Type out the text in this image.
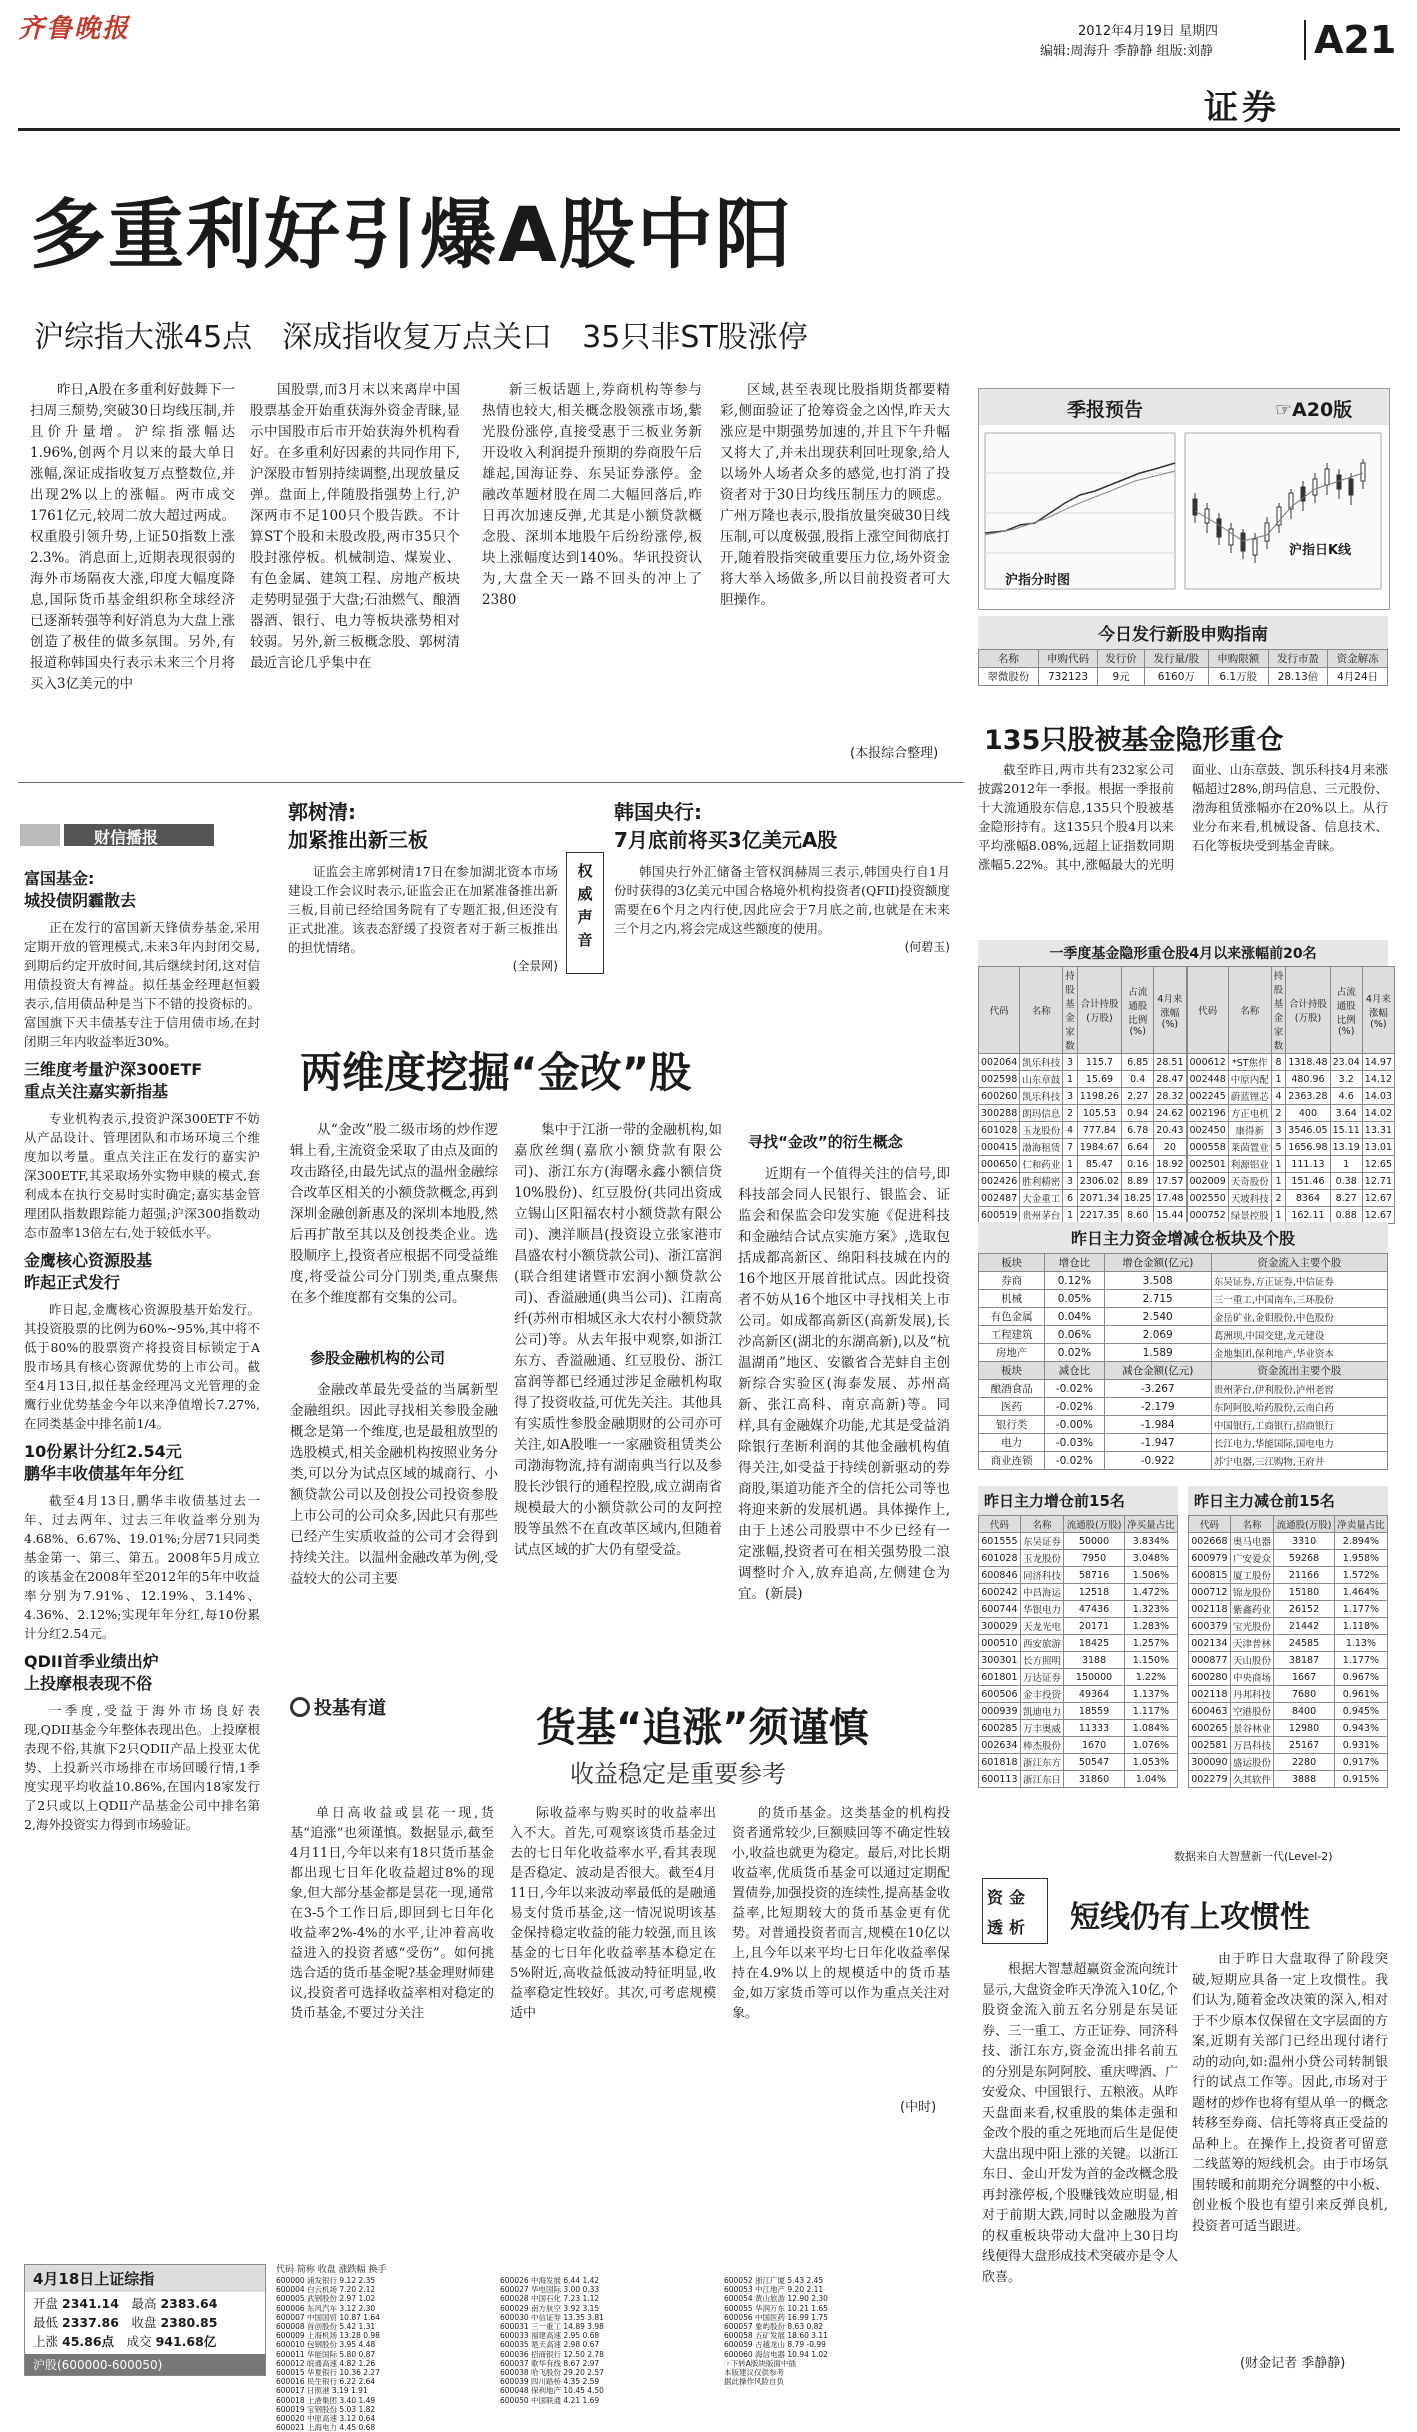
齐鲁晚报	2012年4月19日 星期四
编辑:周海升 季静静 组版:刘静	A21
证券
多重利好引爆A股中阳
沪综指大涨45点　深成指收复万点关口　35只非ST股涨停

昨日,A股在多重利好鼓舞下一扫周三颓势,突破30日均线压制,并且价升量增。沪综指涨幅达1.96%,创两个月以来的最大单日涨幅,深证成指收复万点整数位,并出现2%以上的涨幅。两市成交1761亿元,较周二放大超过两成。权重股引领升势,上证50指数上涨2.3%。消息面上,近期表现很弱的海外市场隔夜大涨,印度大幅度降息,国际货币基金组织称全球经济已逐渐转强等利好消息为大盘上涨创造了极佳的做多氛围。另外,有报道称韩国央行表示未来三个月将买入3亿美元的中

国股票,而3月末以来离岸中国股票基金开始重获海外资金青睐,显示中国股市后市开始获海外机构看好。在多重利好因素的共同作用下,沪深股市暂别持续调整,出现放量反弹。盘面上,伴随股指强势上行,沪深两市不足100只个股告跌。不计算ST个股和未股改股,两市35只个股封涨停板。机械制造、煤炭业、有色金属、建筑工程、房地产板块走势明显强于大盘;石油燃气、酿酒器酒、银行、电力等板块涨势相对较弱。另外,新三板概念股、郭树清最近言论几乎集中在

新三板话题上,券商机构等参与热情也较大,相关概念股领涨市场,紫光股份涨停,直接受惠于三板业务新开设收入利润提升预期的券商股午后雄起,国海证券、东吴证券涨停。金融改革题材股在周二大幅回落后,昨日再次加速反弹,尤其是小额贷款概念股、深圳本地股午后纷纷涨停,板块上涨幅度达到140%。华讯投资认为,大盘全天一路不回头的冲上了2380

区域,甚至表现比股指期货都要精彩,侧面验证了抢筹资金之凶悍,昨天大涨应是中期强势加速的,并且下午升幅又将大了,并未出现获利回吐现象,给人以场外人场者众多的感觉,也打消了投资者对于30日均线压制压力的顾虑。广州万隆也表示,股指放量突破30日线压制,可以度极强,股指上涨空间彻底打开,随着股指突破重要压力位,场外资金将大举入场做多,所以目前投资者可大胆操作。

(本报综合整理)
季报预告	☞A20版
沪指分时图
沪指日K线
今日发行新股申购指南
名称	申购代码	发行价	发行量/股	申购限额	发行市盈	资金解冻
翠微股份	732123	9元	6160万	6.1万股	28.13倍	4月24日
135只股被基金隐形重仓

截至昨日,两市共有232家公司披露2012年一季报。根据一季报前十大流通股东信息,135只个股被基金隐形持有。这135只个股4月以来平均涨幅8.08%,远超上证指数同期涨幅5.22%。其中,涨幅最大的光明面业、山东章鼓、凯乐科技4月来涨幅超过28%,朗玛信息、三元股份、渤海租赁涨幅亦在20%以上。从行业分布来看,机械设备、信息技术、石化等板块受到基金青睐。

一季度基金隐形重仓股4月以来涨幅前20名
代码	名称	持股基金家数	合计持股(万股)	占流通股比例(%)	4月来涨幅(%)
002064	凯乐科技	3	115.7	6.85	28.51
002598	山东章鼓	1	15.69	0.4	28.47
600260	凯乐科技	3	1198.26	2.27	28.32
300288	朗玛信息	2	105.53	0.94	24.62
601028	玉龙股份	4	777.84	6.78	20.43
000415	渤海租赁	7	1984.67	6.64	20
000650	仁和药业	1	85.47	0.16	18.92
002426	胜利精密	3	2306.02	8.89	17.57
002487	大金重工	6	2071.34	18.25	17.48
600519	贵州茅台	1	2217.35	8.60	15.44
代码	名称	持股基金家数	合计持股(万股)	占流通股比例(%)	4月来涨幅(%)
000612	*ST焦作	8	1318.48	23.04	14.97
002448	中原内配	1	480.96	3.2	14.12
002245	蔚蓝锂芯	4	2363.28	4.6	14.03
002196	方正电机	2	400	3.64	14.02
002450	康得新	3	3546.05	15.11	13.31
000558	莱茵置业	5	1656.98	13.19	13.01
002501	利源铝业	1	111.13	1	12.65
002009	天奇股份	1	151.46	0.38	12.71
002550	天坡科技	2	8364	8.27	12.67
000752	绿景控股	1	162.11	0.88	12.67
昨日主力资金增减仓板块及个股
板块	增仓比	增仓金额(亿元)	资金流入主要个股
券商	0.12%	3.508	东吴证券,方正证券,中信证券
机械	0.05%	2.715	三一重工,中国南车,三环股份
有色金属	0.04%	2.540	金岳矿业,金钼股份,中色股份
工程建筑	0.06%	2.069	葛洲坝,中国交建,龙元建设
房地产	0.02%	1.589	金地集团,保利地产,华业资本
板块	减仓比	减仓金额(亿元)	资金流出主要个股
酿酒食品	-0.02%	-3.267	贵州茅台,伊利股份,泸州老窖
医药	-0.02%	-2.179	东阿阿胶,哈药股份,云南白药
银行类	-0.00%	-1.984	中国银行,工商银行,招商银行
电力	-0.03%	-1.947	长江电力,华能国际,国电电力
商业连锁	-0.02%	-0.922	苏宁电器,三江购物,王府井
昨日主力增仓前15名
代码	名称	流通股(万股)	净买量占比
601555	东吴证券	50000	3.834%
601028	玉龙股份	7950	3.048%
600846	同济科技	58716	1.506%
600242	中昌海运	12518	1.472%
600744	华银电力	47436	1.323%
300029	天龙光电	20171	1.283%
000510	西安旅游	18425	1.257%
300301	长方照明	3188	1.150%
601801	万达证券	150000	1.22%
600506	金丰投资	49364	1.137%
000939	凯迪电力	18559	1.117%
600285	万丰奥威	11333	1.084%
002634	棒杰股份	1670	1.076%
601818	浙江东方	50547	1.053%
600113	浙江东日	31860	1.04%
昨日主力减仓前15名
代码	名称	流通股(万股)	净卖量占比
002668	奥马电器	3310	2.894%
600979	广安爱众	59268	1.958%
600815	厦工股份	21166	1.572%
000712	锦龙股份	15180	1.464%
002118	紫鑫药业	26152	1.177%
600379	宝光股份	21442	1.118%
002134	天津普林	24585	1.13%
000877	天山股份	38187	1.177%
600280	中央商场	1667	0.967%
002118	丹邦科技	7680	0.961%
600463	空港股份	8400	0.945%
600265	景谷林业	12980	0.943%
002581	万昌科技	25167	0.931%
300090	盛运股份	2280	0.917%
002279	久其软件	3888	0.915%
数据来自大智慧新一代(Level-2)
财信播报
富国基金:
城投债阴霾散去

正在发行的富国新天锋债券基金,采用定期开放的管理模式,未来3年内封闭交易,到期后约定开放时间,其后继续封闭,这对信用债投资大有裨益。拟任基金经理赵恒毅表示,信用债品种是当下不错的投资标的。富国旗下天丰债基专注于信用债市场,在封闭期三年内收益率近30%。

三维度考量沪深300ETF
重点关注嘉实新指基

专业机构表示,投资沪深300ETF不妨从产品设计、管理团队和市场环境三个维度加以考量。重点关注正在发行的嘉实沪深300ETF,其采取场外实物申赎的模式,套利成本在执行交易时实时确定;嘉实基金管理团队指数跟踪能力超强;沪深300指数动态市盈率13倍左右,处于较低水平。

金鹰核心资源股基
昨起正式发行

昨日起,金鹰核心资源股基开始发行。其投资股票的比例为60%~95%,其中将不低于80%的股票资产将投资目标锁定于A股市场具有核心资源优势的上市公司。截至4月13日,拟任基金经理冯文光管理的金鹰行业优势基金今年以来净值增长7.27%,在同类基金中排名前1/4。

10份累计分红2.54元
鹏华丰收债基年年分红

截至4月13日,鹏华丰收债基过去一年、过去两年、过去三年收益率分别为4.68%、6.67%、19.01%;分居71只同类基金第一、第三、第五。2008年5月成立的该基金在2008年至2012年的5年中收益率分别为7.91%、12.19%、3.14%、4.36%、2.12%;实现年年分红,每10份累计分红2.54元。

QDII首季业绩出炉
上投摩根表现不俗

一季度,受益于海外市场良好表现,QDII基金今年整体表现出色。上投摩根表现不俗,其旗下2只QDII产品上投亚太优势、上投新兴市场排在市场回暖行情,1季度实现平均收益10.86%,在国内18家发行了2只或以上QDII产品基金公司中排名第2,海外投资实力得到市场验证。

郭树清:
加紧推出新三板

证监会主席郭树清17日在参加湖北资本市场建设工作会议时表示,证监会正在加紧准备推出新三板,目前已经给国务院有了专题汇报,但还没有正式批准。该表态舒缓了投资者对于新三板推出的担忧情绪。

(全景网)
权威声音
韩国央行:
7月底前将买3亿美元A股

韩国央行外汇储备主管权润赫周三表示,韩国央行自1月份时获得的3亿美元中国合格境外机构投资者(QFII)投资额度需要在6个月之内行使,因此应会于7月底之前,也就是在未来三个月之内,将会完成这些额度的使用。

(何碧玉)
两维度挖掘“金改”股

从“金改”股二级市场的炒作逻辑上看,主流资金采取了由点及面的攻击路径,由最先试点的温州金融综合改革区相关的小额贷款概念,再到深圳金融创新惠及的深圳本地股,然后再扩散至其以及创投类企业。选股顺序上,投资者应根据不同受益维度,将受益公司分门别类,重点聚焦在多个维度都有交集的公司。

参股金融机构的公司

金融改革最先受益的当属新型金融组织。因此寻找相关参股金融概念是第一个维度,也是最租放型的选股模式,相关金融机构按照业务分类,可以分为试点区域的城商行、小额贷款公司以及创投公司投资参股上市公司的公司众多,因此只有那些已经产生实质收益的公司才会得到持续关注。以温州金融改革为例,受益较大的公司主要

集中于江浙一带的金融机构,如嘉欣丝绸(嘉欣小额贷款有限公司)、浙江东方(海曙永鑫小额信贷10%股份)、红豆股份(共同出资成立锡山区阳福农村小额贷款有限公司)、澳洋顺昌(投资设立张家港市昌盛农村小额贷款公司)、浙江富润(联合组建诸暨市宏润小额贷款公司)、香溢融通(典当公司)、江南高纤(苏州市相城区永大农村小额贷款公司)等。从去年报中观察,如浙江东方、香溢融通、红豆股份、浙江富润等都已经通过涉足金融机构取得了投资收益,可优先关注。其他具有实质性参股金融期财的公司亦可关注,如A股唯一一家融资租赁类公司渤海物流,持有湖南典当行以及参股长沙银行的通程控股,成立湖南省规模最大的小额贷款公司的友阿控股等虽然不在直改革区域内,但随着试点区域的扩大仍有望受益。

寻找“金改”的衍生概念

近期有一个值得关注的信号,即科技部会同人民银行、银监会、证监会和保监会印发实施《促进科技和金融结合试点实施方案》,选取包括成都高新区、绵阳科技城在内的16个地区开展首批试点。因此投资者不妨从16个地区中寻找相关上市公司。如成都高新区(高新发展),长沙高新区(湖北的东湖高新),以及“杭温湖甬”地区、安徽省合芜蚌自主创新综合实验区(海泰发展、苏州高新、张江高科、南京高新)等。同样,具有金融媒介功能,尤其是受益消除银行垄断利润的其他金融机构值得关注,如受益于持续创新驱动的券商股,渠道功能齐全的信托公司等也将迎来新的发展机遇。具体操作上,由于上述公司股票中不少已经有一定涨幅,投资者可在相关强势股二浪调整时介入,放弃追高,左侧建仓为宜。(新晨)

投基有道	货基“追涨”须谨慎
收益稳定是重要参考

单日高收益或昙花一现,货基“追涨”也须谨慎。数据显示,截至4月11日,今年以来有18只货币基金都出现七日年化收益超过8%的现象,但大部分基金都是昙花一现,通常在3-5个工作日后,即回到七日年化收益率2%-4%的水平,让冲着高收益进入的投资者感“受伤”。如何挑选合适的货币基金呢?基金理财师建议,投资者可选择收益率相对稳定的货币基金,不要过分关注

际收益率与购买时的收益率出入不大。首先,可观察该货币基金过去的七日年化收益率水平,看其表现是否稳定、波动是否很大。截至4月11日,今年以来波动率最低的是融通易支付货币基金,这一情况说明该基金保持稳定收益的能力较强,而且该基金的七日年化收益率基本稳定在5%附近,高收益低波动特征明显,收益率稳定性较好。其次,可考虑规模适中

的货币基金。这类基金的机构投资者通常较少,巨额赎回等不确定性较小,收益也就更为稳定。最后,对比长期收益率,优质货币基金可以通过定期配置债券,加强投资的连续性,提高基金收益率,比短期较大的货币基金更有优势。对普通投资者而言,规模在10亿以上,且今年以来平均七日年化收益率保持在4.9%以上的规模适中的货币基金,如万家货币等可以作为重点关注对象。

(中时)
资金
透析 短线仍有上攻惯性

根据大智慧超赢资金流向统计显示,大盘资金昨天净流入10亿,个股资金流入前五名分别是东吴证券、三一重工、方正证券、同济科技、浙江东方,资金流出排名前五的分别是东阿阿胶、重庆啤酒、广安爱众、中国银行、五粮液。从昨天盘面来看,权重股的集体走强和金改个股的重之死地而后生是促使大盘出现中阳上涨的关键。以浙江东日、金山开发为首的金改概念股再封涨停板,个股赚钱效应明显,相对于前期大跌,同时以金融股为首的权重板块带动大盘冲上30日均线便得大盘形成技术突破亦是令人欣喜。

由于昨日大盘取得了阶段突破,短期应具备一定上攻惯性。我们认为,随着金改决策的深入,相对于不少原本仅保留在文字层面的方案,近期有关部门已经出现付诸行动的动向,如:温州小贷公司转制银行的试点工作等。因此,市场对于题材的炒作也将有望从单一的概念转移至券商、信托等将真正受益的品种上。在操作上,投资者可留意二线蓝筹的短线机会。由于市场氛围转暖和前期充分调整的中小板、创业板个股也有望引来反弹良机,投资者可适当跟进。

(财金记者 季静静)
4月18日上证综指
开盘 2341.14　 最高 2383.64
最低 2337.86　 收盘 2380.85
上涨 45.86点　 成交 941.68亿
沪股(600000-600050)
代码 简称 收盘 涨跌幅 换手
600000 浦发银行 9.12 2.35
600004 白云机场 7.20 2.12
600005 武钢股份 2.97 1.02
600006 东风汽车 3.12 2.30
600007 中国国贸 10.87 1.64
600008 首创股份 5.42 1.31
600009 上海机场 13.28 0.98
600010 包钢股份 3.95 4.48
600011 华能国际 5.80 0.87
600012 皖通高速 4.82 1.26
600015 华夏银行 10.36 2.27
600016 民生银行 6.22 2.64
600017 日照港 3.19 1.91
600018 上港集团 3.40 1.49
600019 宝钢股份 5.03 1.82
600020 中原高速 3.12 0.64
600021 上海电力 4.45 0.68
600026 中海发展 6.44 1.42
600027 华电国际 3.00 0.33
600028 中国石化 7.23 1.12
600029 南方航空 3.92 3.15
600030 中信证券 13.35 3.81
600031 三一重工 14.89 3.98
600033 福建高速 2.95 0.68
600035 楚天高速 2.98 0.67
600036 招商银行 12.50 2.78
600037 歌华有线 8.67 2.97
600038 哈飞股份 29.20 2.57
600039 四川路桥 4.35 2.59
600048 保利地产 10.45 4.50
600050 中国联通 4.21 1.69
600052 浙江广厦 5.43 2.45
600053 中江地产 9.20 2.11
600054 黄山旅游 12.90 2.30
600055 华润万东 10.21 1.65
600056 中国医药 16.99 1.75
600057 象屿股份 8.63 0.82
600058 五矿发展 18.60 3.11
600059 古越龙山 8.79 -0.99
600060 海信电器 10.94 1.02
☞下转A版块版面中插
本版建议仅供参考
据此操作风险自负
